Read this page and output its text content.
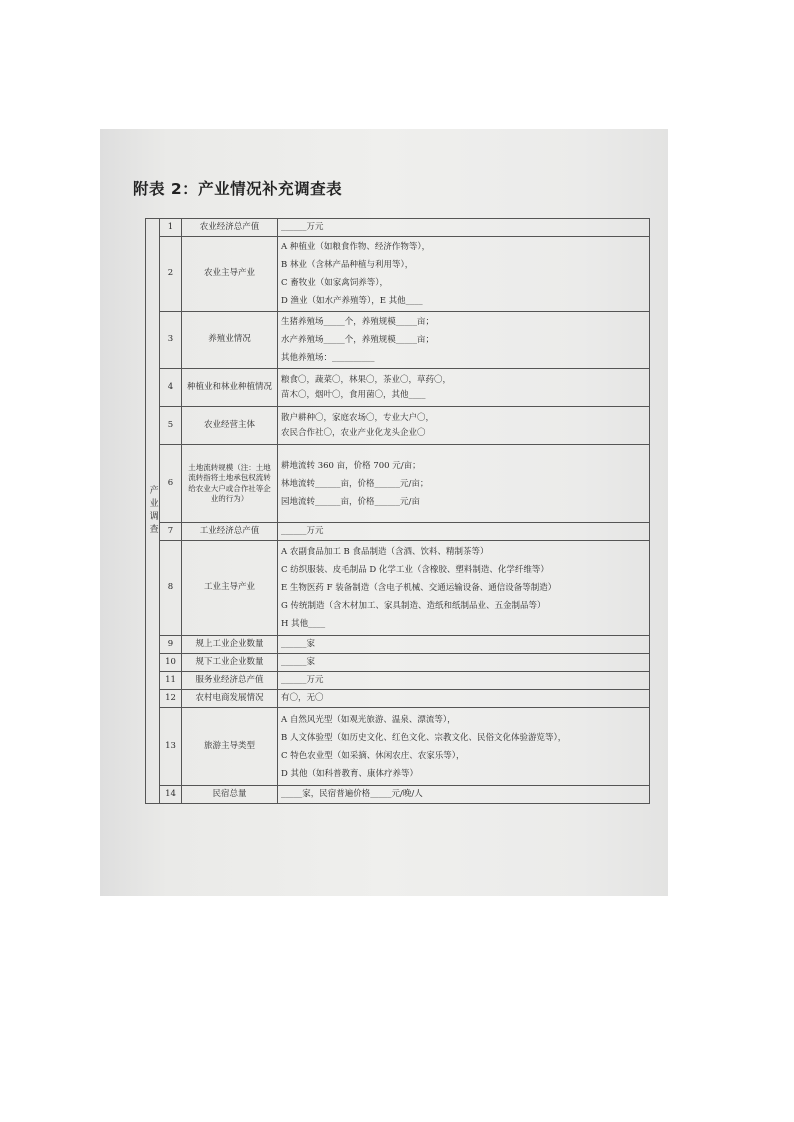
附表 2：产业情况补充调查表
产业调查	1	农业经济总产值	______万元

	2	农业主导产业	A 种植业（如粮食作物、经济作物等），
B 林业（含林产品种植与利用等），
C 畜牧业（如家禽饲养等），
D 渔业（如水产养殖等），E 其他____

	3	养殖业情况	生猪养殖场_____个，养殖规模_____亩；
水产养殖场_____个，养殖规模_____亩；
其他养殖场：__________

	4	种植业和林业种植情况	粮食〇，蔬菜〇，林果〇，茶业〇，草药〇，
苗木〇，烟叶〇，食用菌〇，其他____

	5	农业经营主体	散户耕种〇，家庭农场〇，专业大户〇，
农民合作社〇，农业产业化龙头企业〇

	6	土地流转规模（注：土地流转指将土地承包权流转给农业大户或合作社等企业的行为）	耕地流转 360 亩，价格 700 元/亩；
林地流转______亩，价格______元/亩；
园地流转______亩，价格______元/亩

	7	工业经济总产值	______万元

	8	工业主导产业	A 农副食品加工 B 食品制造（含酒、饮料、精制茶等）
C 纺织服装、皮毛制品 D 化学工业（含橡胶、塑料制造、化学纤维等）
E 生物医药 F 装备制造（含电子机械、交通运输设备、通信设备等制造）
G 传统制造（含木材加工、家具制造、造纸和纸制品业、五金制品等）
H 其他____

	9	规上工业企业数量	______家

	10	规下工业企业数量	______家

	11	服务业经济总产值	______万元

	12	农村电商发展情况	有〇，无〇

	13	旅游主导类型	A 自然风光型（如观光旅游、温泉、漂流等），
B 人文体验型（如历史文化、红色文化、宗教文化、民俗文化体验游览等），
C 特色农业型（如采摘、休闲农庄、农家乐等），
D 其他（如科普教育、康体疗养等）

	14	民宿总量	_____家，民宿普遍价格_____元/晚/人
